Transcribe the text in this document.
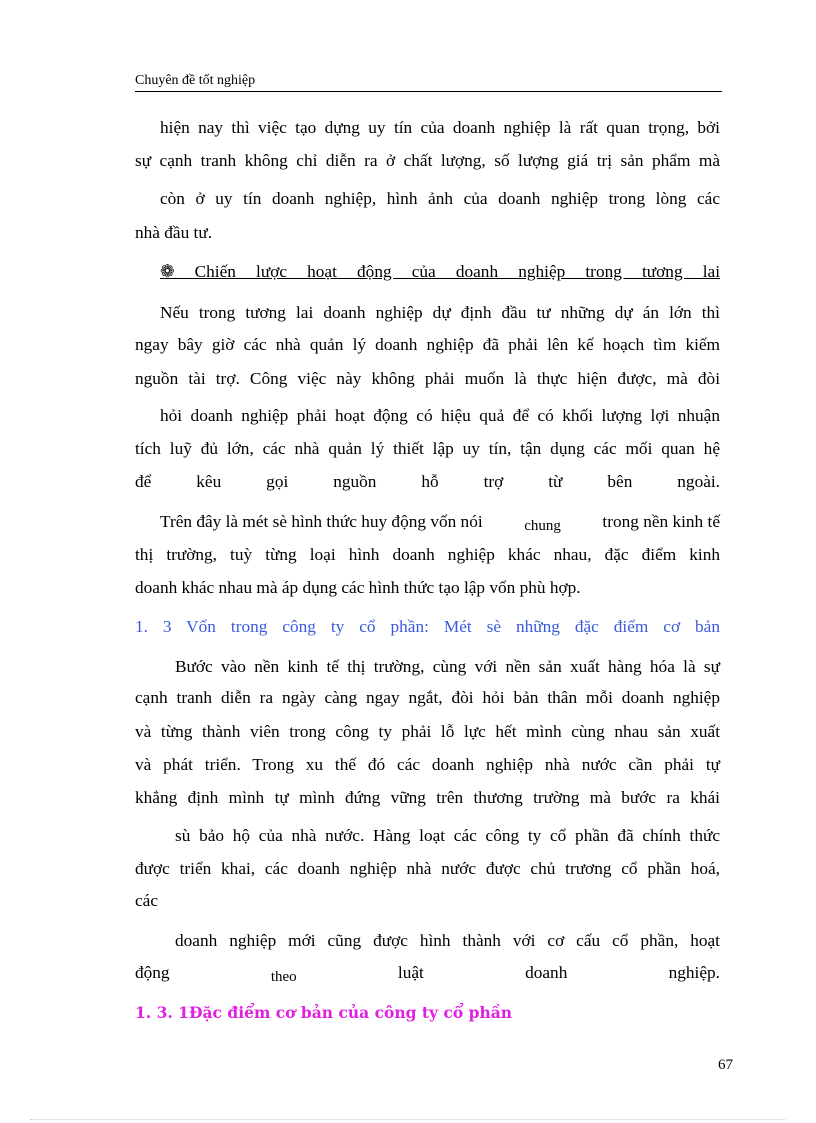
Chuyên đề tốt nghiệp
hiện nay thì việc tạo dựng uy tín của doanh nghiệp là rất quan trọng, bởi
sự cạnh tranh không chỉ diễn ra ở chất lượng, số lượng giá trị sản phẩm mà
còn ở uy tín doanh nghiệp, hình ảnh của doanh nghiệp trong lòng các
nhà đầu tư.
❁ Chiến lược hoạt động của doanh nghiệp trong tương lai
Nếu trong tương lai doanh nghiệp dự định đầu tư những dự án lớn thì
ngay bây giờ các nhà quản lý doanh nghiệp đã phải lên kế hoạch tìm kiếm
nguồn tài trợ. Công việc này không phải muốn là thực hiện được, mà đòi
hỏi doanh nghiệp phải hoạt động có hiệu quả để có khối lượng lợi nhuận
tích luỹ đủ lớn, các nhà quản lý thiết lập uy tín, tận dụng các mối quan hệ
để kêu gọi nguồn hỗ trợ từ bên ngoài.
Trên đây là mét sè hình thức huy động vốn nói	chung trong nền kinh tế
thị trường, tuỳ từng loại hình doanh nghiệp khác nhau, đặc điểm kinh
doanh khác nhau mà áp dụng các hình thức tạo lập vốn phù hợp.
1. 3 Vốn trong công ty cổ phần: Mét sè những đặc điểm cơ bản
Bước vào nền kinh tế thị trường, cùng với nền sản xuất hàng hóa là sự
cạnh tranh diễn ra ngày càng ngay ngắt, đòi hỏi bản thân mỗi doanh nghiệp
và từng thành viên trong công ty phải lỗ lực hết mình cùng nhau sản xuất
và phát triển. Trong xu thế đó các doanh nghiệp nhà nước cần phải tự
khẳng định mình tự mình đứng vững trên thương trường mà bước ra khái
sù bảo hộ của nhà nước. Hàng loạt các công ty cổ phần đã chính thức
được triển khai, các doanh nghiệp nhà nước được chủ trương cổ phần hoá,
các
doanh nghiệp mới cũng được hình thành với cơ cấu cổ phần, hoạt
động	theo	luật	doanh	nghiệp.
1. 3. 1Đặc điểm cơ bản của công ty cổ phần
67
